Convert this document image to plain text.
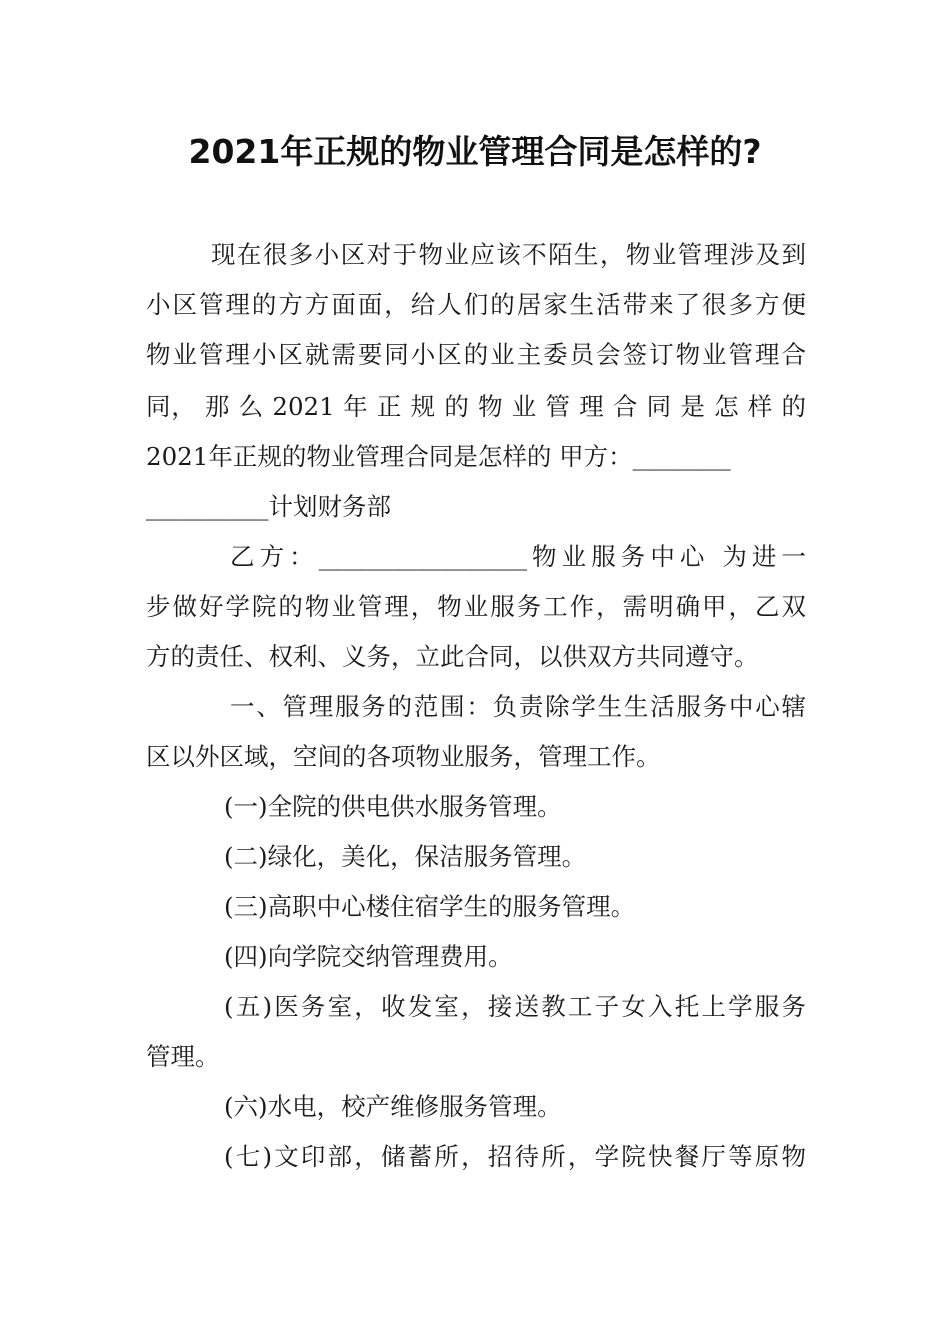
2021年正规的物业管理合同是怎样的?
现在很多小区对于物业应该不陌生，物业管理涉及到
小区管理的方方面面，给人们的居家生活带来了很多方便
物业管理小区就需要同小区的业主委员会签订物业管理合
同， 那 么 2021 年 正 规 的 物 业 管 理 合 同 是 怎 样 的
2021年正规的物业管理合同是怎样的 甲方：________
__________计划财务部
乙方：_________________物业服务中心 为进一
步做好学院的物业管理，物业服务工作，需明确甲，乙双
方的责任、权利、义务，立此合同，以供双方共同遵守。
一、管理服务的范围：负责除学生生活服务中心辖
区以外区域，空间的各项物业服务，管理工作。
(一)全院的供电供水服务管理。
(二)绿化，美化，保洁服务管理。
(三)高职中心楼住宿学生的服务管理。
(四)向学院交纳管理费用。
(五)医务室，收发室，接送教工子女入托上学服务
管理。
(六)水电，校产维修服务管理。
(七)文印部，储蓄所，招待所，学院快餐厅等原物
